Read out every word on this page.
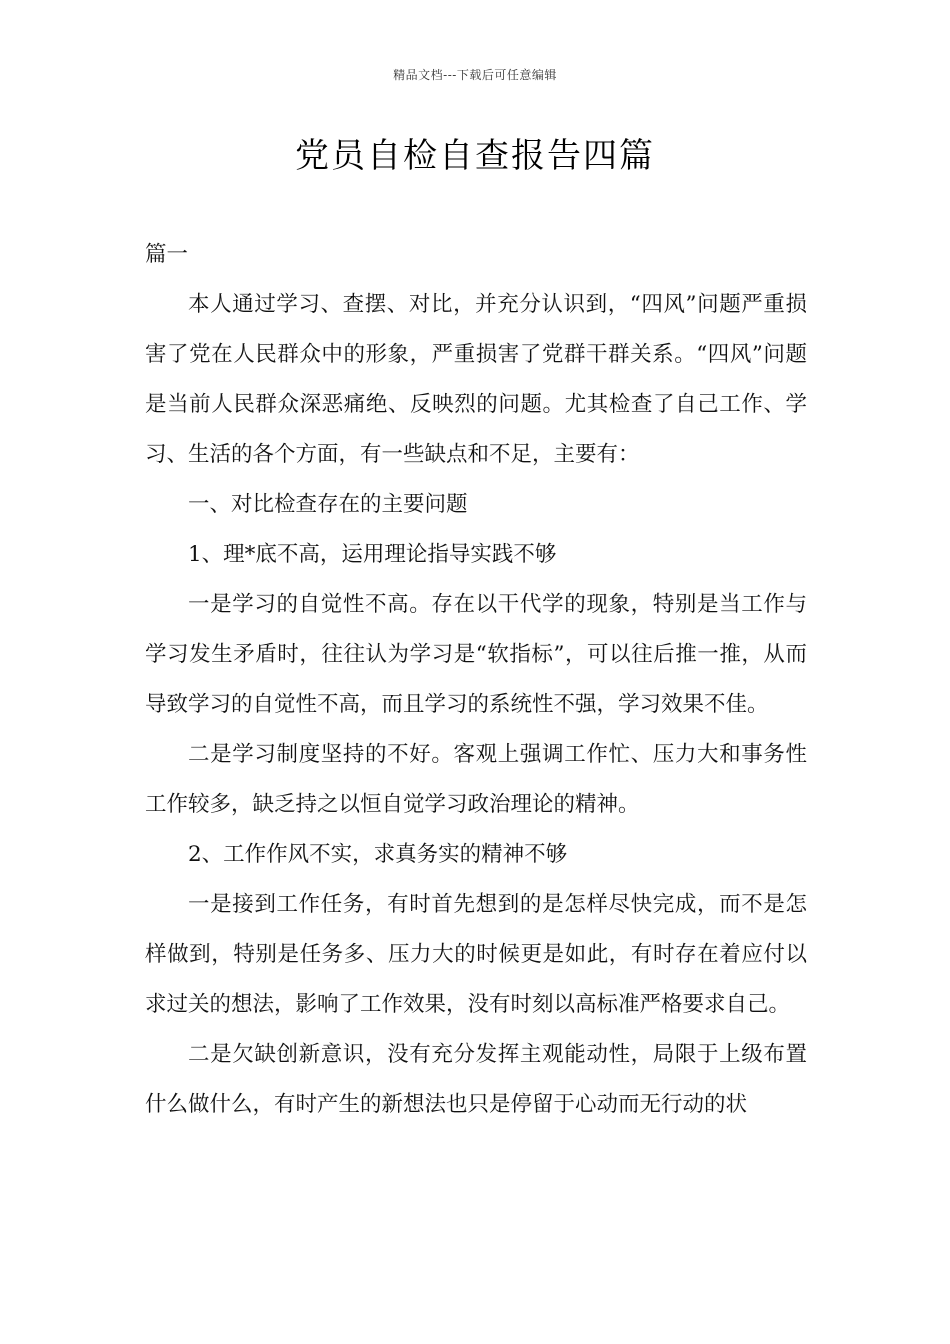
精品文档---下载后可任意编辑
党员自检自查报告四篇

篇一

本人通过学习、查摆、对比，并充分认识到，“四风”问题严重损害了党在人民群众中的形象，严重损害了党群干群关系。“四风”问题是当前人民群众深恶痛绝、反映烈的问题。尤其检查了自己工作、学习、生活的各个方面，有一些缺点和不足，主要有：

一、对比检查存在的主要问题

1、理*底不高，运用理论指导实践不够

一是学习的自觉性不高。存在以干代学的现象，特别是当工作与学习发生矛盾时，往往认为学习是“软指标”，可以往后推一推，从而导致学习的自觉性不高，而且学习的系统性不强，学习效果不佳。

二是学习制度坚持的不好。客观上强调工作忙、压力大和事务性工作较多，缺乏持之以恒自觉学习政治理论的精神。

2、工作作风不实，求真务实的精神不够

一是接到工作任务，有时首先想到的是怎样尽快完成，而不是怎样做到，特别是任务多、压力大的时候更是如此，有时存在着应付以求过关的想法，影响了工作效果，没有时刻以高标准严格要求自己。

二是欠缺创新意识，没有充分发挥主观能动性，局限于上级布置什么做什么，有时产生的新想法也只是停留于心动而无行动的状
